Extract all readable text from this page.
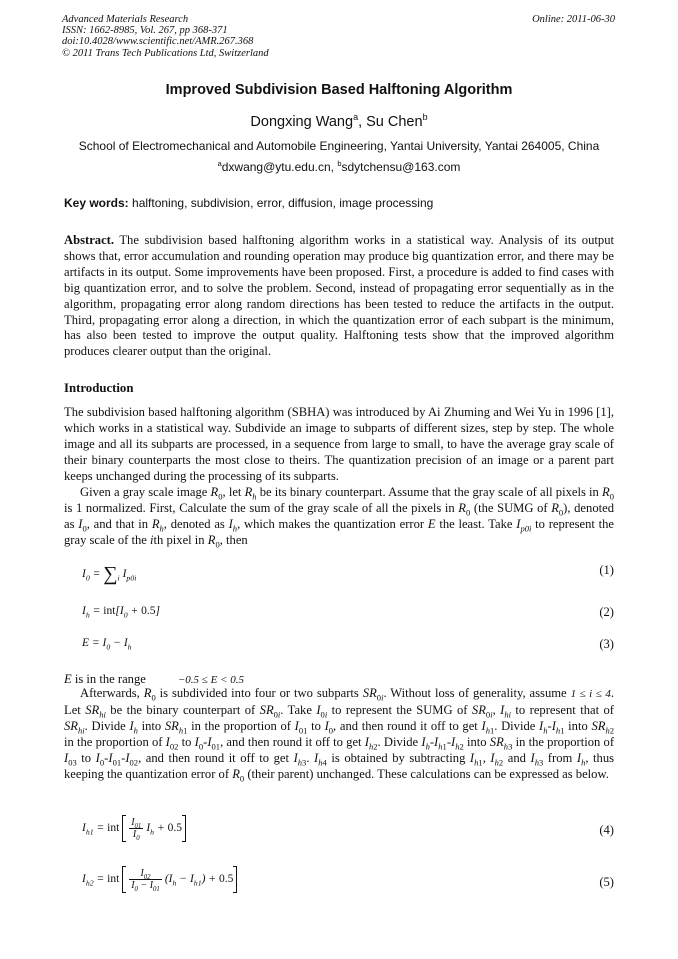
Advanced Materials Research
ISSN: 1662-8985, Vol. 267, pp 368-371
doi:10.4028/www.scientific.net/AMR.267.368
© 2011 Trans Tech Publications Ltd, Switzerland
Online: 2011-06-30
Improved Subdivision Based Halftoning Algorithm
Dongxing Wang$^a$, Su Chen$^b$
School of Electromechanical and Automobile Engineering, Yantai University, Yantai 264005, China
$^a$dxwang@ytu.edu.cn, $^b$sdytchensu@163.com
Key words: halftoning, subdivision, error, diffusion, image processing

Abstract. The subdivision based halftoning algorithm works in a statistical way. Analysis of its output shows that, error accumulation and rounding operation may produce big quantization error, and there may be artifacts in its output. Some improvements have been proposed. First, a procedure is added to find cases with big quantization error, and to solve the problem. Second, instead of propagating error sequentially as in the algorithm, propagating error along random directions has been tested to reduce the artifacts in the output. Third, propagating error along a direction, in which the quantization error of each subpart is the minimum, has also been tested to improve the output quality. Halftoning tests show that the improved algorithm produces clearer output than the original.

Introduction

The subdivision based halftoning algorithm (SBHA) was introduced by Ai Zhuming and Wei Yu in 1996 [1], which works in a statistical way. Subdivide an image to subparts of different sizes, step by step. The whole image and all its subparts are processed, in a sequence from large to small, to have the average gray scale of their binary counterparts the most close to theirs. The quantization precision of an image or a parent part keeps unchanged during the processing of its subparts.

Given a gray scale image $R_0$, let $R_h$ be its binary counterpart. Assume that the gray scale of all pixels in $R_0$ is 1 normalized. First, Calculate the sum of the gray scale of all the pixels in $R_0$ (the SUMG of $R_0$), denoted as $I_0$, and that in $R_h$, denoted as $I_h$, which makes the quantization error E the least. Take $I_{p0i}$ to represent the gray scale of the ith pixel in $R_0$, then

$I_0 = \sum_i$ $I_{p0i}$
(1)
$I_h = int[I_0 + 0.5]$	(2)
$E = I_0 - I_h$	(3)
E is in the range	−0.5 ≤ E < 0.5

Afterwards, $R_0$ is subdivided into four or two subparts $SR_{0i}$. Without loss of generality, assume 1 ≤ i ≤ 4. Let $SR_{hi}$ be the binary counterpart of $SR_{0i}$. Take $I_{0i}$ to represent the SUMG of $SR_{0i}$, $I_{hi}$ to represent that of $SR_{hi}$. Divide $I_h$ into $SR_{h1}$ in the proportion of $I_{01}$ to $I_0$, and then round it off to get $I_{h1}$. Divide $I_h-I_{h1}$ into $SR_{h2}$ in the proportion of $I_{02}$ to $I_0-I_{01}$, and then round it off to get $I_{h2}$. Divide $I_h-I_{h1}-I_{h2}$ into $SR_{h3}$ in the proportion of $I_{03}$ to $I_0-I_{01}-I_{02}$, and then round it off to get $I_{h3}$. $I_{h4}$ is obtained by subtracting $I_{h1}$, $I_{h2}$ and $I_{h3}$ from $I_h$, thus keeping the quantization error of $R_0$ (their parent) unchanged. These calculations can be expressed as below.

$I_{h1}$ = int $\frac{I_{01}}{I_0} I_h + 0.5$	(4)
$I_{h2}$ = int $\frac{I_{02}}{I_0 - I_{01}} (I_h - I_{h1}) + 0.5$	(5)
